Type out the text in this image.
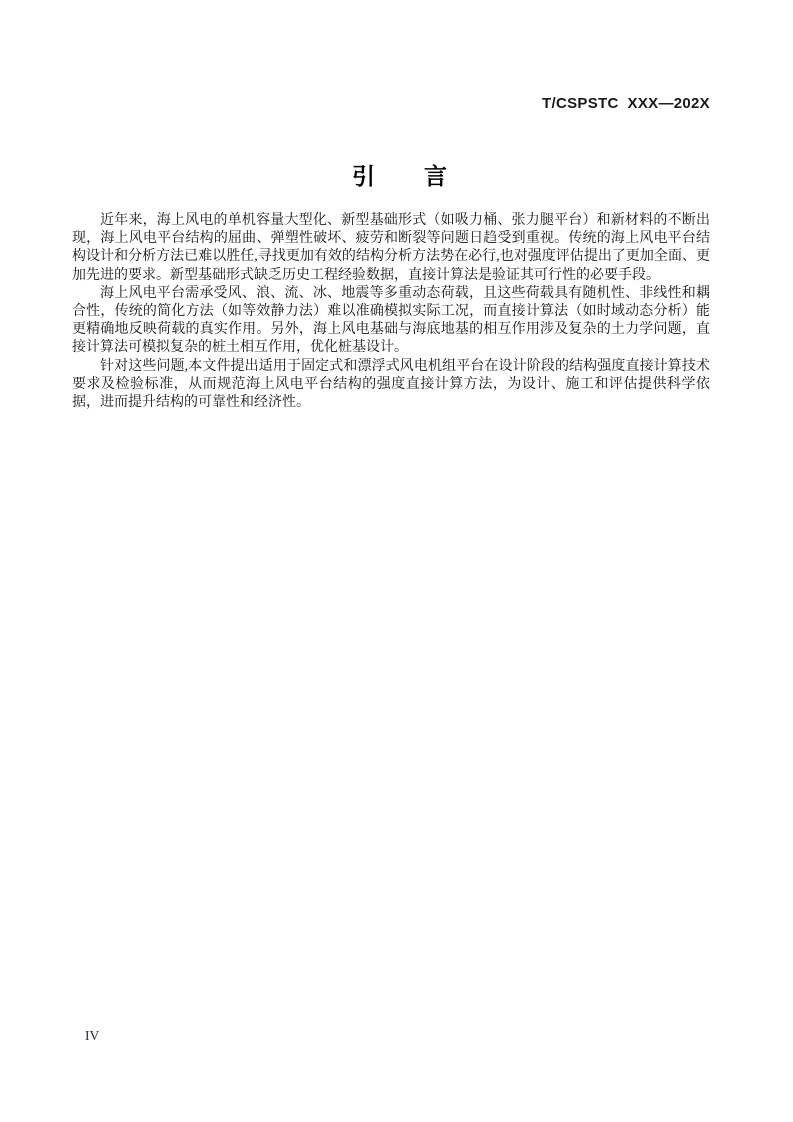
T/CSPSTC  XXX—202X
引　　言

近年来，海上风电的单机容量大型化、新型基础形式（如吸力桶、张力腿平台）和新材料的不断出现，海上风电平台结构的屈曲、弹塑性破坏、疲劳和断裂等问题日趋受到重视。传统的海上风电平台结构设计和分析方法已难以胜任,寻找更加有效的结构分析方法势在必行,也对强度评估提出了更加全面、更加先进的要求。新型基础形式缺乏历史工程经验数据，直接计算法是验证其可行性的必要手段。

海上风电平台需承受风、浪、流、冰、地震等多重动态荷载，且这些荷载具有随机性、非线性和耦合性，传统的简化方法（如等效静力法）难以准确模拟实际工况，而直接计算法（如时域动态分析）能更精确地反映荷载的真实作用。另外，海上风电基础与海底地基的相互作用涉及复杂的土力学问题，直接计算法可模拟复杂的桩土相互作用，优化桩基设计。

针对这些问题,本文件提出适用于固定式和漂浮式风电机组平台在设计阶段的结构强度直接计算技术要求及检验标准，从而规范海上风电平台结构的强度直接计算方法，为设计、施工和评估提供科学依据，进而提升结构的可靠性和经济性。

IV
